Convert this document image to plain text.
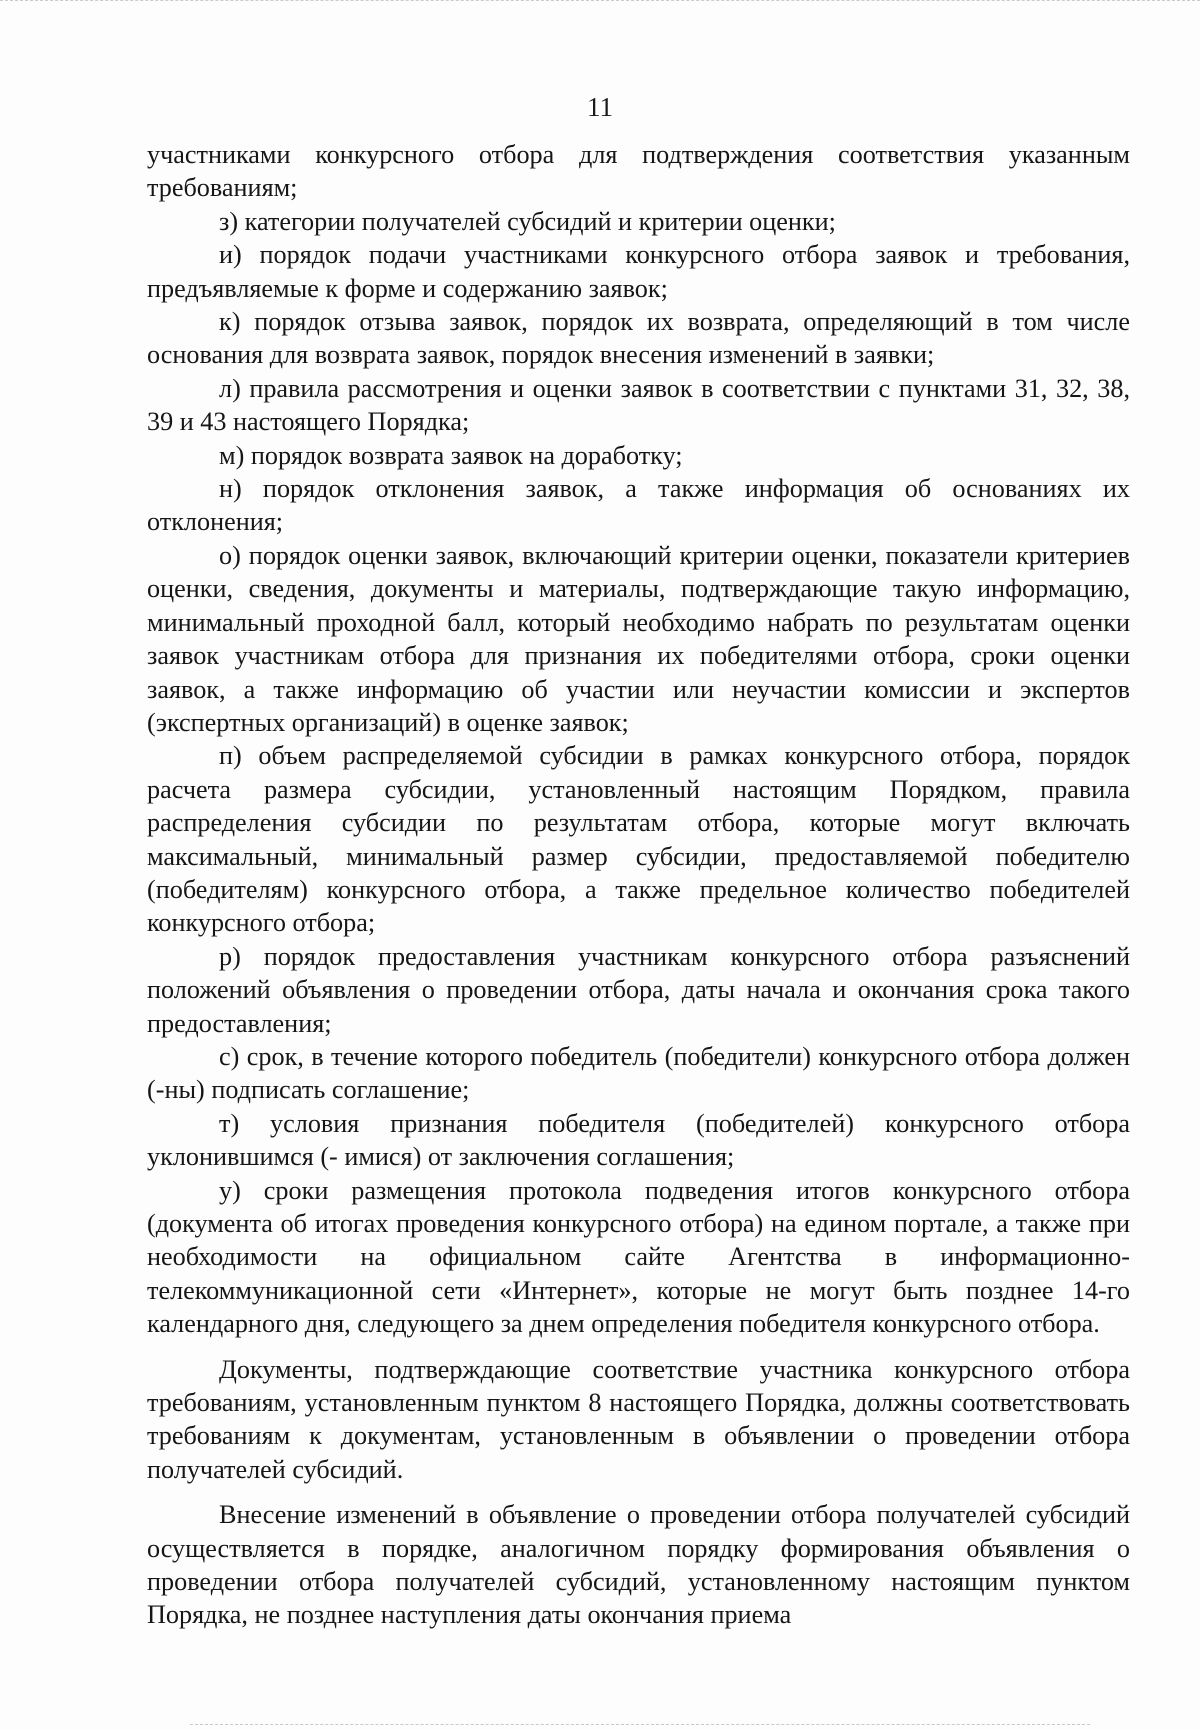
11

участниками конкурсного отбора для подтверждения соответствия указанным требованиям;

з) категории получателей субсидий и критерии оценки;

и) порядок подачи участниками конкурсного отбора заявок и требования, предъявляемые к форме и содержанию заявок;

к) порядок отзыва заявок, порядок их возврата, определяющий в том числе основания для возврата заявок, порядок внесения изменений в заявки;

л) правила рассмотрения и оценки заявок в соответствии с пунктами 31, 32, 38, 39 и 43 настоящего Порядка;

м) порядок возврата заявок на доработку;

н) порядок отклонения заявок, а также информация об основаниях их отклонения;

о) порядок оценки заявок, включающий критерии оценки, показатели критериев оценки, сведения, документы и материалы, подтверждающие такую информацию, минимальный проходной балл, который необходимо набрать по результатам оценки заявок участникам отбора для признания их победителями отбора, сроки оценки заявок, а также информацию об участии или неучастии комиссии и экспертов (экспертных организаций) в оценке заявок;

п) объем распределяемой субсидии в рамках конкурсного отбора, порядок расчета размера субсидии, установленный настоящим Порядком, правила распределения субсидии по результатам отбора, которые могут включать максимальный, минимальный размер субсидии, предоставляемой победителю (победителям) конкурсного отбора, а также предельное количество победителей конкурсного отбора;

р) порядок предоставления участникам конкурсного отбора разъяснений положений объявления о проведении отбора, даты начала и окончания срока такого предоставления;

с) срок, в течение которого победитель (победители) конкурсного отбора должен (-ны) подписать соглашение;

т) условия признания победителя (победителей) конкурсного отбора уклонившимся (- имися) от заключения соглашения;

у) сроки размещения протокола подведения итогов конкурсного отбора (документа об итогах проведения конкурсного отбора) на едином портале, а также при необходимости на официальном сайте Агентства в информационно-телекоммуникационной сети «Интернет», которые не могут быть позднее 14-го календарного дня, следующего за днем определения победителя конкурсного отбора.

Документы, подтверждающие соответствие участника конкурсного отбора требованиям, установленным пунктом 8 настоящего Порядка, должны соответствовать требованиям к документам, установленным в объявлении о проведении отбора получателей субсидий.

Внесение изменений в объявление о проведении отбора получателей субсидий осуществляется в порядке, аналогичном порядку формирования объявления о проведении отбора получателей субсидий, установленному настоящим пунктом Порядка, не позднее наступления даты окончания приема
